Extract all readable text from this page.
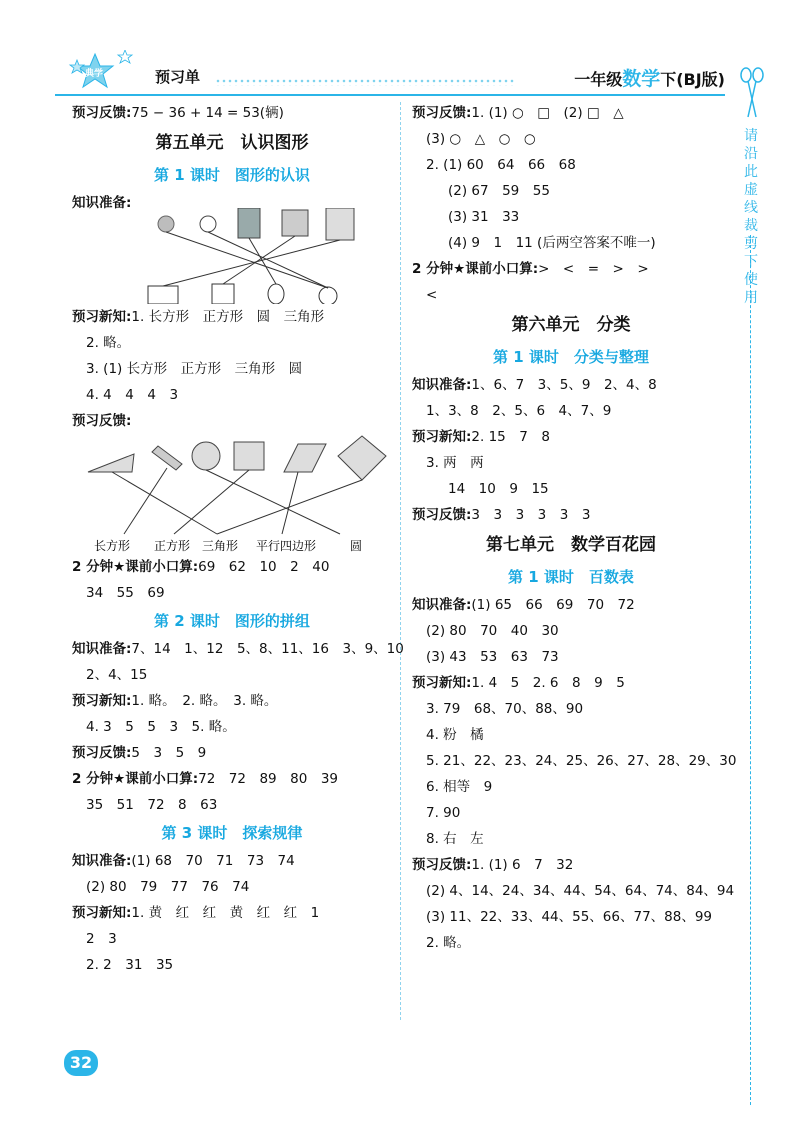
典学	预习单	一年级数学下(BJ版)
预习反馈:75 − 36 + 14 = 53(辆)
第五单元　认识图形
第 1 课时　图形的认识
知识准备:
预习新知:1. 长方形　正方形　圆　三角形
2. 略。
3. (1) 长方形　正方形　三角形　圆
4. 4　4　4　3
预习反馈:
长方形 正方形 三角形 平行四边形	圆
2 分钟★课前小口算:69　62　10　2　40
34　55　69
第 2 课时　图形的拼组
知识准备:7、14　1、12　5、8、11、16　3、9、10
2、4、15
预习新知:1. 略。　2. 略。　3. 略。
4. 3　5　5　3　5. 略。
预习反馈:5　3　5　9
2 分钟★课前小口算:72　72　89　80　39
35　51　72　8　63
第 3 课时　探索规律
知识准备:(1) 68　70　71　73　74
(2) 80　79　77　76　74
预习新知:1. 黄　红　红　黄　红　红　1
2　3
2. 2　31　35
预习反馈:1. (1) ○　□　(2) □　△
(3) ○　△　○　○
2. (1) 60　64　66　68
(2) 67　59　55
(3) 31　33
(4) 9　1　11 (后两空答案不唯一)
2 分钟★课前小口算:>　<　=　>　>
<
第六单元　分类
第 1 课时　分类与整理
知识准备:1、6、7　3、5、9　2、4、8
1、3、8　2、5、6　4、7、9
预习新知:2. 15　7　8
3. 两　两
14　10　9　15
预习反馈:3　3　3　3　3　3
第七单元　数学百花园
第 1 课时　百数表
知识准备:(1) 65　66　69　70　72
(2) 80　70　40　30
(3) 43　53　63　73
预习新知:1. 4　5　2. 6　8　9　5
3. 79　68、70、88、90
4. 粉　橘
5. 21、22、23、24、25、26、27、28、29、30
6. 相等　9
7. 90
8. 右　左
预习反馈:1. (1) 6　7　32
(2) 4、14、24、34、44、54、64、74、84、94
(3) 11、22、33、44、55、66、77、88、99
2. 略。
请沿此虚线裁剪下使用
32
